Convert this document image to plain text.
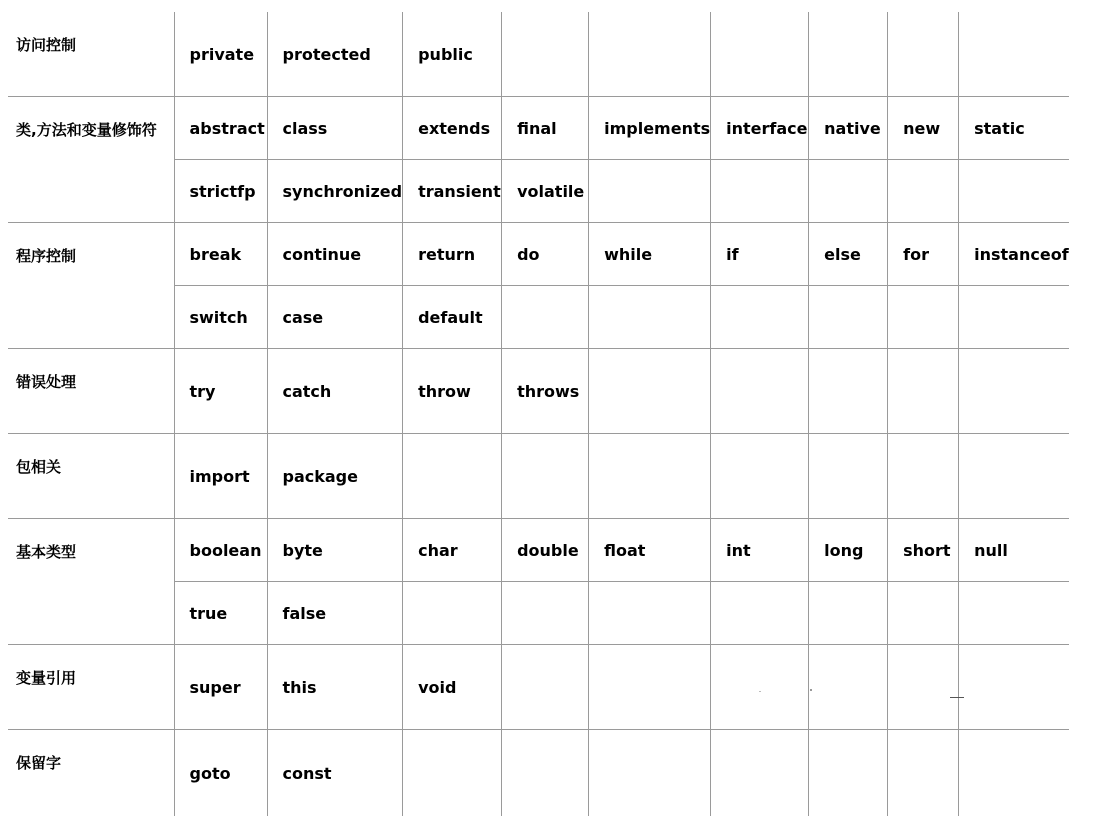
访问控制	private	protected	public						
类,方法和变量修饰符	abstract	class	extends	final	implements	interface	native	new	static
	strictfp	synchronized	transient	volatile					
程序控制	break	continue	return	do	while	if	else	for	instanceof
	switch	case	default						
错误处理	try	catch	throw	throws					
包相关	import	package							
基本类型	boolean	byte	char	double	float	int	long	short	null
	true	false							
变量引用	super	this	void						
保留字	goto	const							
